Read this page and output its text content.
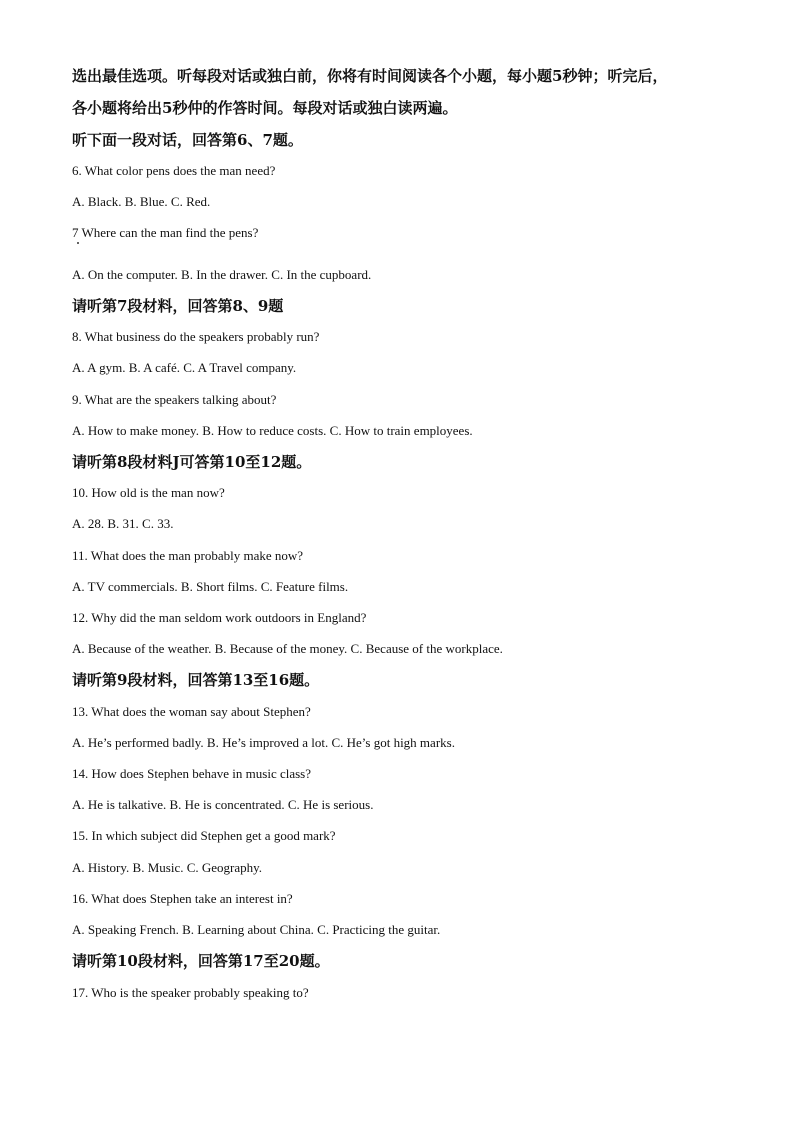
选出最佳选项。听每段对话或独白前，你将有时间阅读各个小题，每小题5秒钟；听完后，
各小题将给出5秒仲的作答时间。每段对话或独白读两遍。
听下面一段对话，回答第6、7题。
6. What color pens does the man need?
A. Black. B. Blue. C. Red.
7 Where can the man find the pens?
A. On the computer. B. In the drawer. C. In the cupboard.
请听第7段材料，回答第8、9题
8. What business do the speakers probably run?
A. A gym. B. A café. C. A Travel company.
9. What are the speakers talking about?
A. How to make money. B. How to reduce costs. C. How to train employees.
请听第8段材料J可答第10至12题。
10. How old is the man now?
A. 28. B. 31. C. 33.
11. What does the man probably make now?
A. TV commercials. B. Short films. C. Feature films.
12. Why did the man seldom work outdoors in England?
A. Because of the weather. B. Because of the money. C. Because of the workplace.
请听第9段材料，回答第13至16题。
13. What does the woman say about Stephen?
A. He’s performed badly. B. He’s improved a lot. C. He’s got high marks.
14. How does Stephen behave in music class?
A. He is talkative. B. He is concentrated. C. He is serious.
15. In which subject did Stephen get a good mark?
A. History. B. Music. C. Geography.
16. What does Stephen take an interest in?
A. Speaking French. B. Learning about China. C. Practicing the guitar.
请听第10段材料，回答第17至20题。
17. Who is the speaker probably speaking to?
